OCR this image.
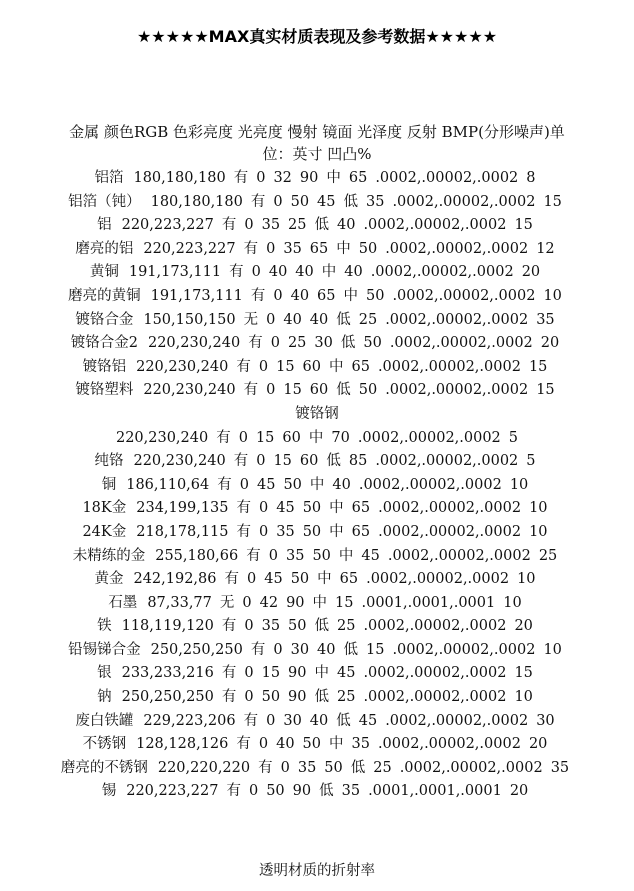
★★★★★MAX真实材质表现及参考数据★★★★★
金属 颜色RGB 色彩亮度 光亮度 慢射 镜面 光泽度 反射 BMP(分形噪声)单
位：英寸 凹凸%
铝箔 180,180,180 有 0 32 90 中 65 .0002,.00002,.0002 8
铝箔（钝） 180,180,180 有 0 50 45 低 35 .0002,.00002,.0002 15
铝 220,223,227 有 0 35 25 低 40 .0002,.00002,.0002 15
磨亮的铝 220,223,227 有 0 35 65 中 50 .0002,.00002,.0002 12
黄铜 191,173,111 有 0 40 40 中 40 .0002,.00002,.0002 20
磨亮的黄铜 191,173,111 有 0 40 65 中 50 .0002,.00002,.0002 10
镀铬合金 150,150,150 无 0 40 40 低 25 .0002,.00002,.0002 35
镀铬合金2 220,230,240 有 0 25 30 低 50 .0002,.00002,.0002 20
镀铬铝 220,230,240 有 0 15 60 中 65 .0002,.00002,.0002 15
镀铬塑料 220,230,240 有 0 15 60 低 50 .0002,.00002,.0002 15
镀铬钢
220,230,240 有 0 15 60 中 70 .0002,.00002,.0002 5
纯铬 220,230,240 有 0 15 60 低 85 .0002,.00002,.0002 5
铜 186,110,64 有 0 45 50 中 40 .0002,.00002,.0002 10
18K金 234,199,135 有 0 45 50 中 65 .0002,.00002,.0002 10
24K金 218,178,115 有 0 35 50 中 65 .0002,.00002,.0002 10
未精练的金 255,180,66 有 0 35 50 中 45 .0002,.00002,.0002 25
黄金 242,192,86 有 0 45 50 中 65 .0002,.00002,.0002 10
石墨 87,33,77 无 0 42 90 中 15 .0001,.0001,.0001 10
铁 118,119,120 有 0 35 50 低 25 .0002,.00002,.0002 20
铅锡锑合金 250,250,250 有 0 30 40 低 15 .0002,.00002,.0002 10
银 233,233,216 有 0 15 90 中 45 .0002,.00002,.0002 15
钠 250,250,250 有 0 50 90 低 25 .0002,.00002,.0002 10
废白铁罐 229,223,206 有 0 30 40 低 45 .0002,.00002,.0002 30
不锈钢 128,128,126 有 0 40 50 中 35 .0002,.00002,.0002 20
磨亮的不锈钢 220,220,220 有 0 35 50 低 25 .0002,.00002,.0002 35
锡 220,223,227 有 0 50 90 低 35 .0001,.0001,.0001 20
透明材质的折射率
